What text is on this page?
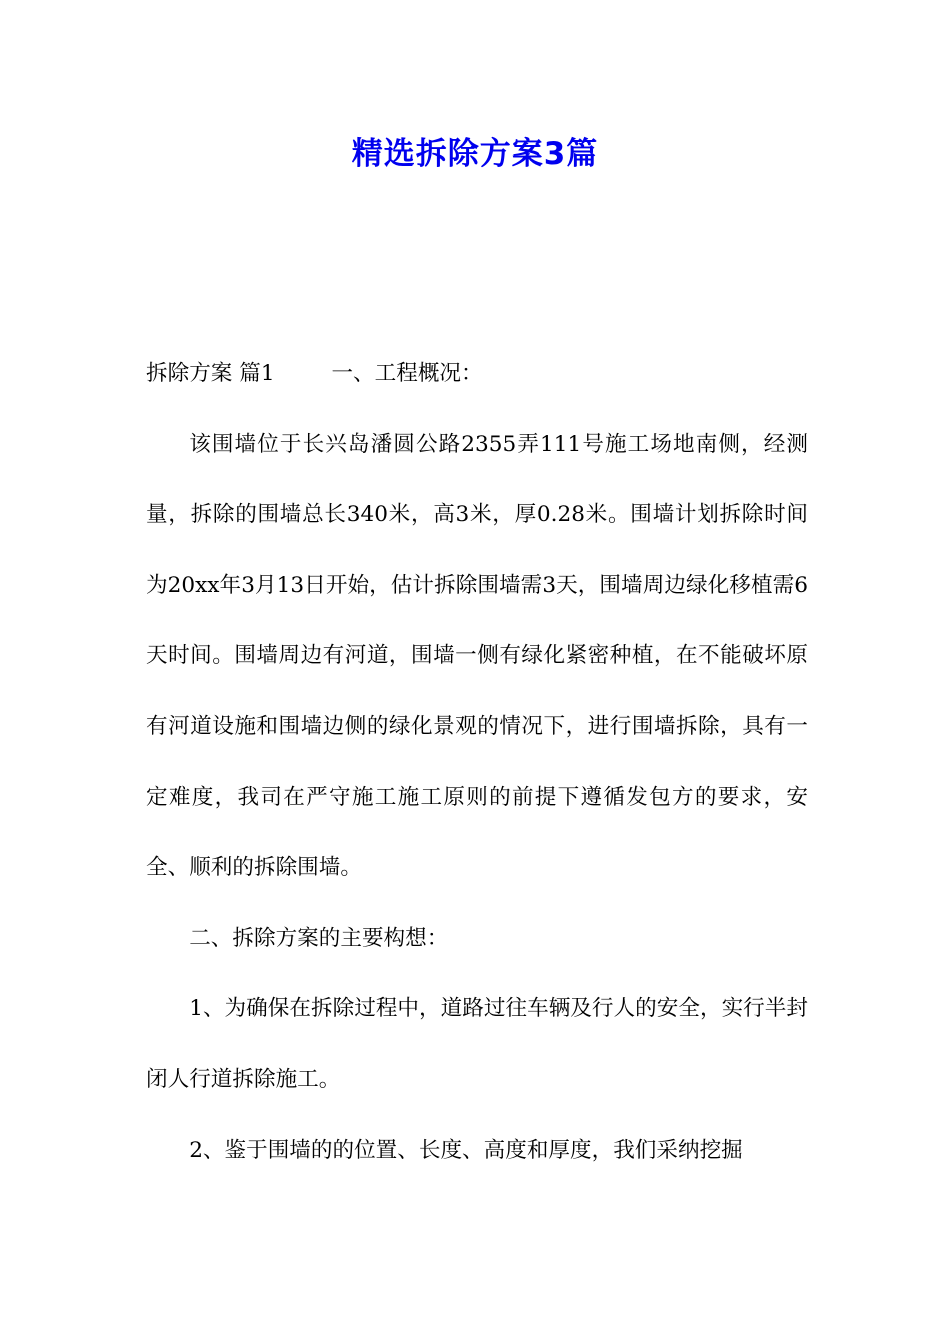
精选拆除方案3篇

拆除方案 篇1	一、工程概况：

该围墙位于长兴岛潘圆公路2355弄111号施工场地南侧，经测量，拆除的围墙总长340米，高3米，厚0.28米。围墙计划拆除时间为20xx年3月13日开始，估计拆除围墙需3天，围墙周边绿化移植需6天时间。围墙周边有河道，围墙一侧有绿化紧密种植，在不能破坏原有河道设施和围墙边侧的绿化景观的情况下，进行围墙拆除，具有一定难度，我司在严守施工施工原则的前提下遵循发包方的要求，安全、顺利的拆除围墙。

二、拆除方案的主要构想：

1、为确保在拆除过程中，道路过往车辆及行人的安全，实行半封闭人行道拆除施工。

2、鉴于围墙的的位置、长度、高度和厚度，我们采纳挖掘
